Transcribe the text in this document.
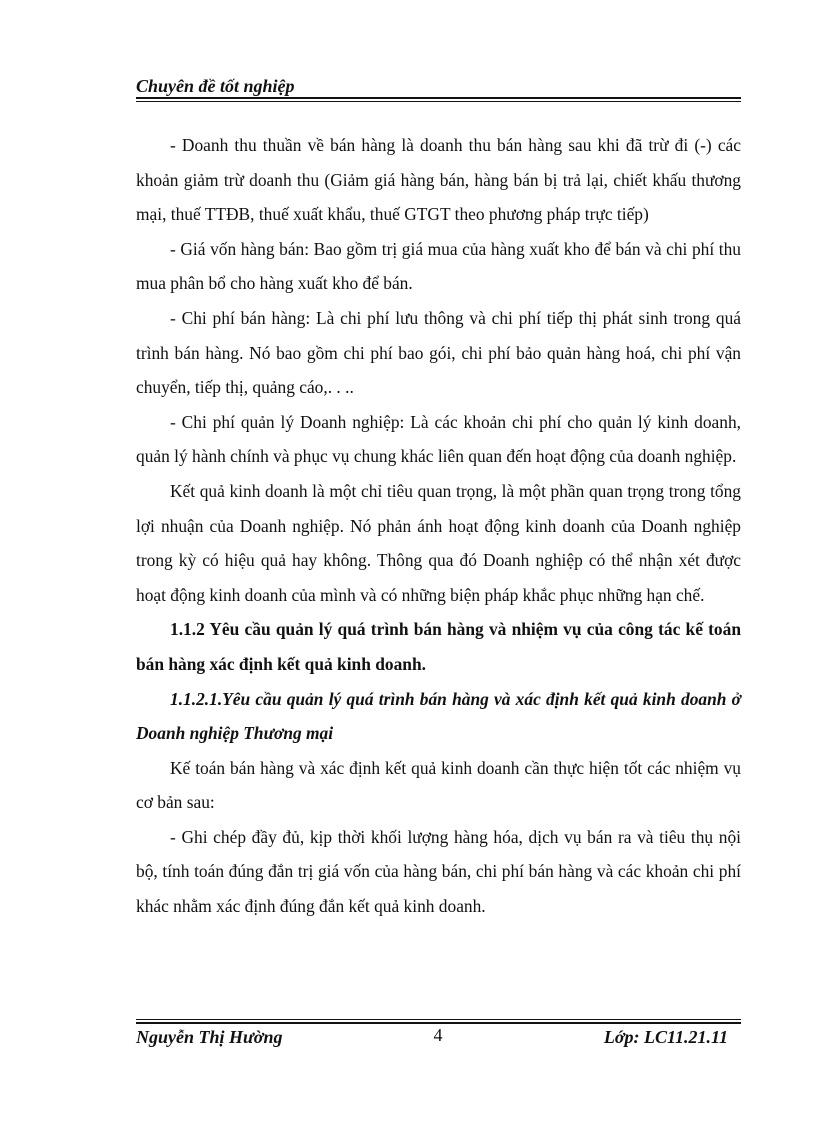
Chuyên đề tốt nghiệp

- Doanh thu thuần về bán hàng là doanh thu bán hàng sau khi đã trừ đi (-) các khoản giảm trừ doanh thu (Giảm giá hàng bán, hàng bán bị trả lại, chiết khấu thương mại, thuế TTĐB, thuế xuất khẩu, thuế GTGT theo phương pháp trực tiếp)

- Giá vốn hàng bán: Bao gồm trị giá mua của hàng xuất kho để bán và chi phí thu mua phân bổ cho hàng xuất kho để bán.

- Chi phí bán hàng: Là chi phí lưu thông và chi phí tiếp thị phát sinh trong quá trình bán hàng. Nó bao gồm chi phí bao gói, chi phí bảo quản hàng hoá, chi phí vận chuyển, tiếp thị, quảng cáo,. . ..

- Chi phí quản lý Doanh nghiệp: Là các khoản chi phí cho quản lý kinh doanh, quản lý hành chính và phục vụ chung khác liên quan đến hoạt động của doanh nghiệp.

Kết quả kinh doanh là một chỉ tiêu quan trọng, là một phần quan trọng trong tổng lợi nhuận của Doanh nghiệp. Nó phản ánh hoạt động kinh doanh của Doanh nghiệp trong kỳ có hiệu quả hay không. Thông qua đó Doanh nghiệp có thể nhận xét được hoạt động kinh doanh của mình và có những biện pháp khắc phục những hạn chế.

1.1.2 Yêu cầu quản lý quá trình bán hàng và nhiệm vụ của công tác kế toán bán hàng xác định kết quả kinh doanh.

1.1.2.1.Yêu cầu quản lý quá trình bán hàng và xác định kết quả kinh doanh ở Doanh nghiệp Thương mại

Kế toán bán hàng và xác định kết quả kinh doanh cần thực hiện tốt các nhiệm vụ cơ bản sau:

- Ghi chép đầy đủ, kịp thời khối lượng hàng hóa, dịch vụ bán ra và tiêu thụ nội bộ, tính toán đúng đắn trị giá vốn của hàng bán, chi phí bán hàng và các khoản chi phí khác nhằm xác định đúng đắn kết quả kinh doanh.

Nguyễn Thị Hường	4	Lớp: LC11.21.11
